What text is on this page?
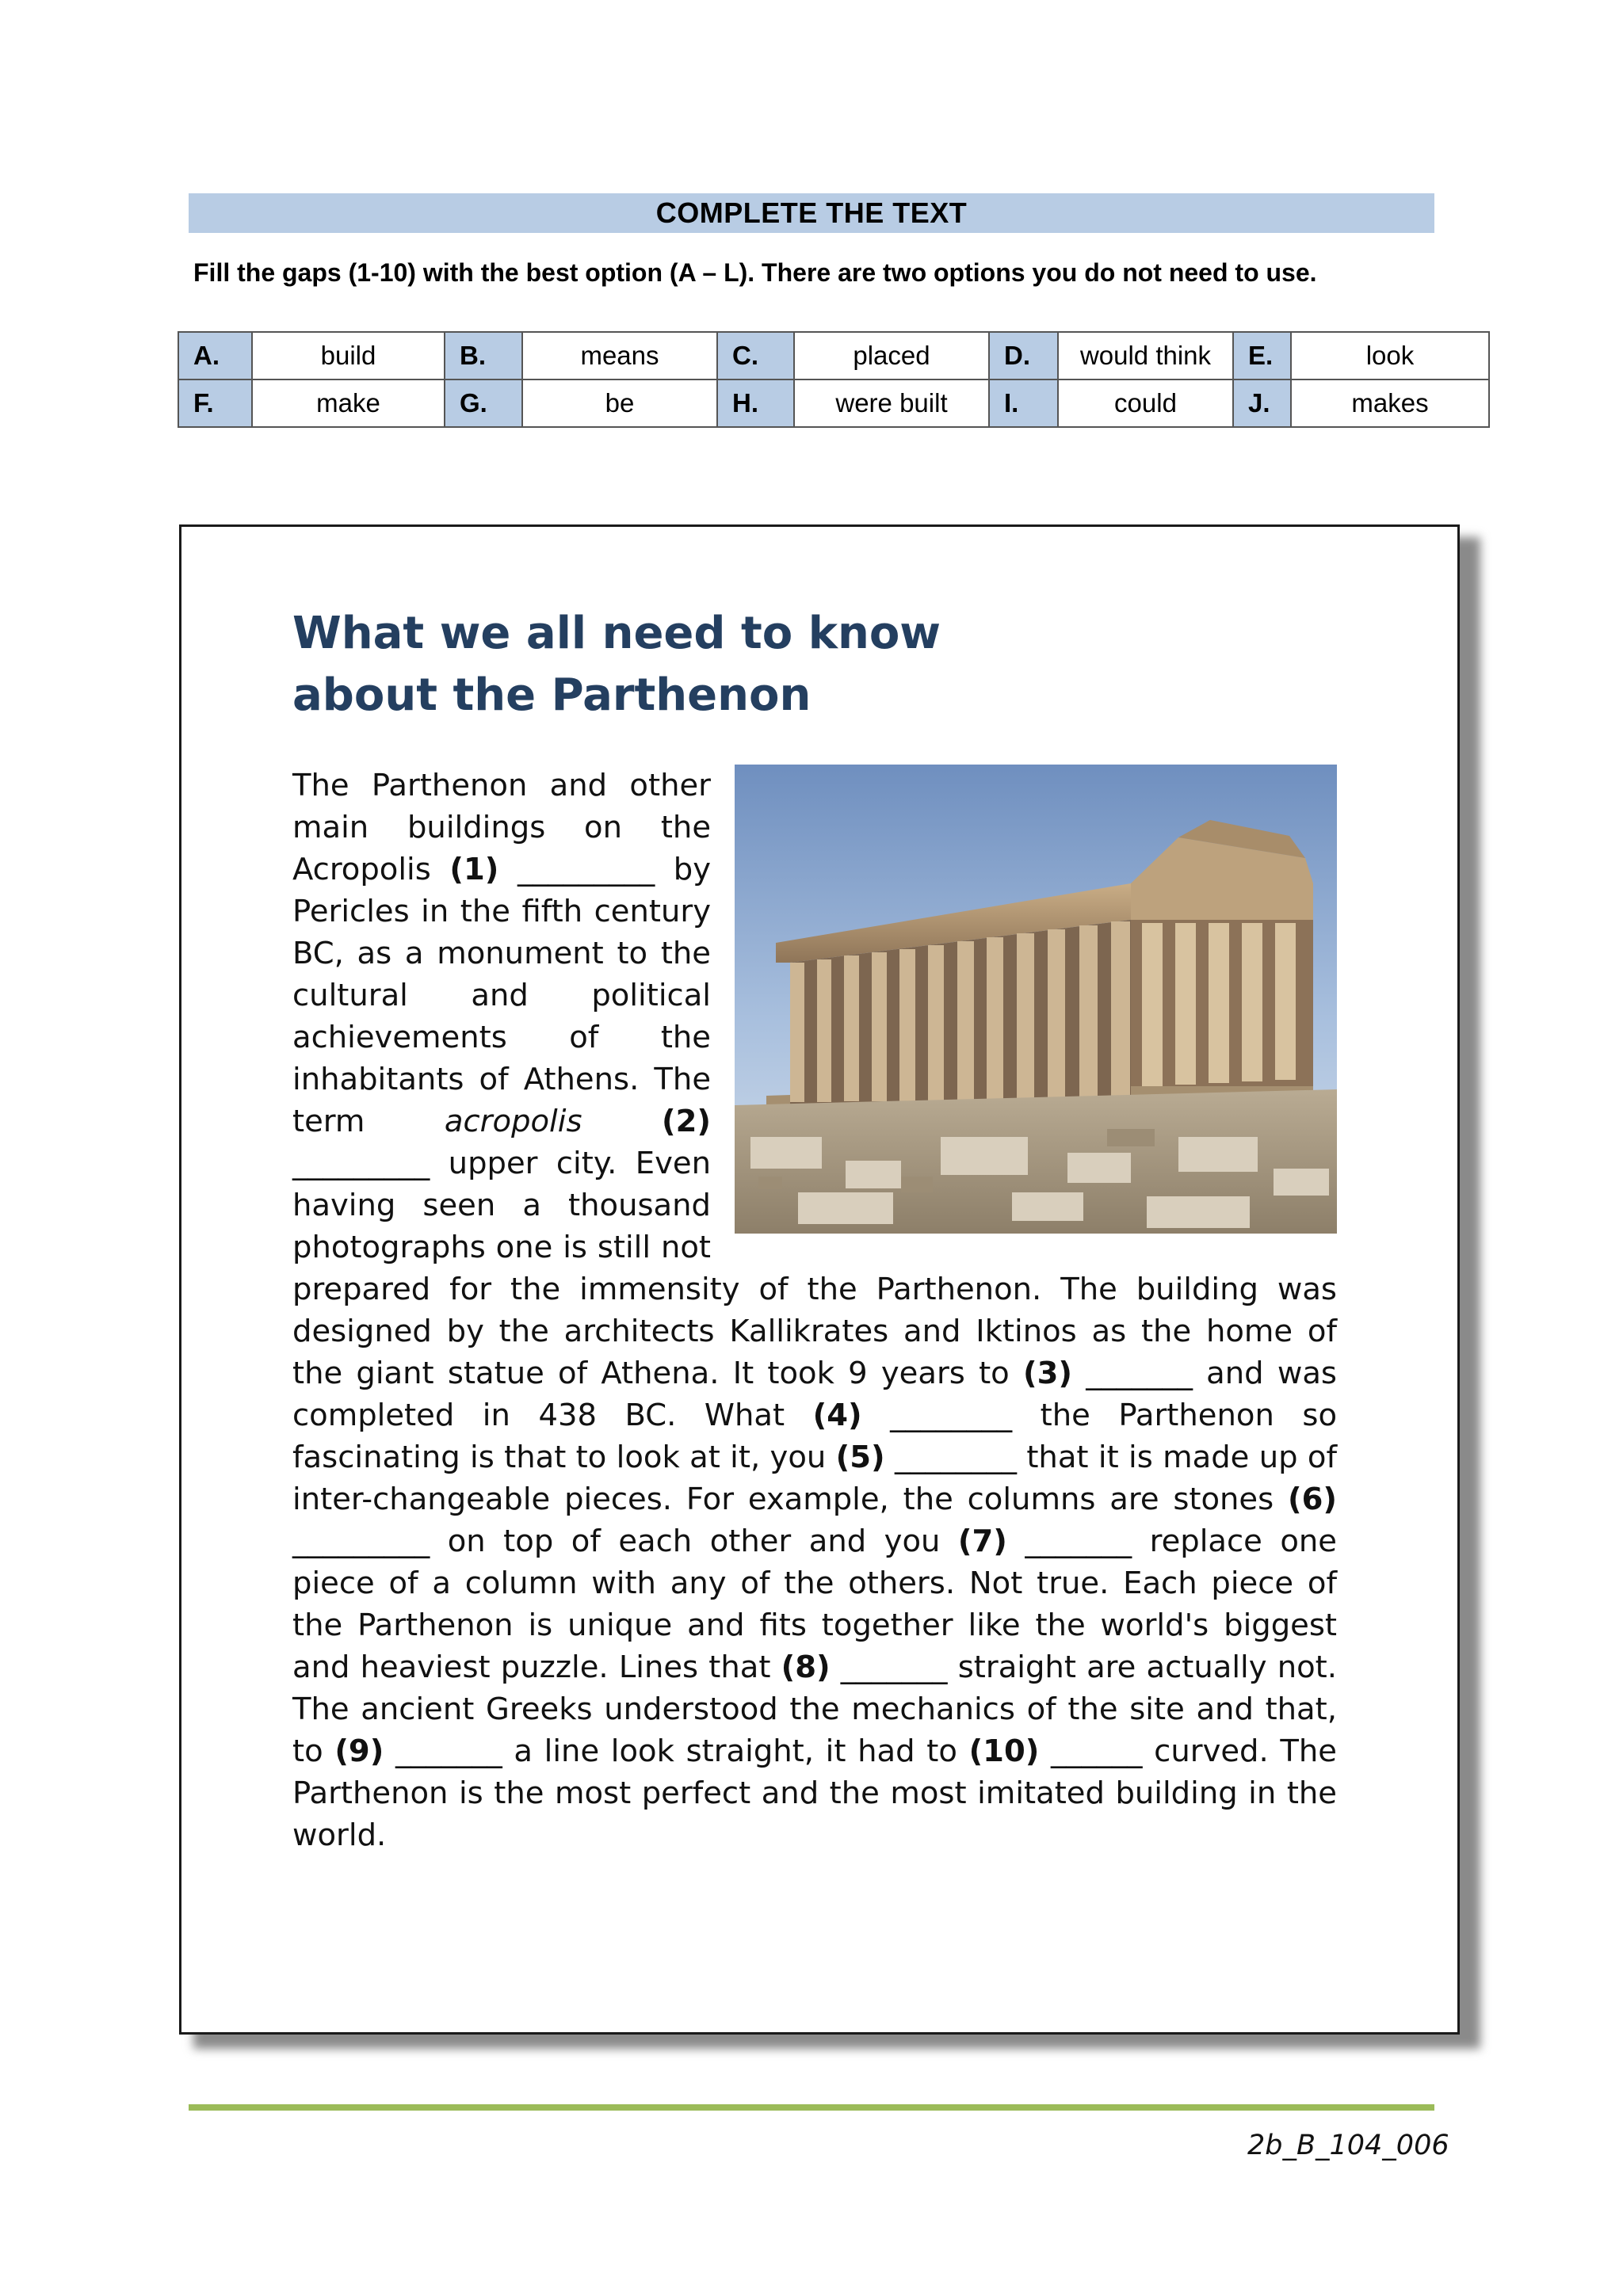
COMPLETE THE TEXT
Fill the gaps (1-10) with the best option (A – L). There are two options you do not need to use.
A.	build	B.	means	C.	placed	D.	would think	E.	look
F.	make	G.	be	H.	were built	I.	could	J.	makes
What we all need to know
about the Parthenon
The Parthenon and other main buildings on the Acropolis (1) _________ by Pericles in the fifth century BC, as a monument to the cultural and political achievements of the inhabitants of Athens. The term acropolis	(2) _________ upper city. Even having seen a thousand photographs one is still not prepared for the immensity of the Parthenon. The building was designed by the architects Kallikrates and Iktinos as the home of the giant statue of Athena. It took 9 years to (3) _______ and was completed in 438 BC. What (4) ________ the Parthenon so fascinating is that to look at it, you (5) ________ that it is made up of inter-changeable pieces. For example, the columns are stones (6) _________ on top of each other and you (7) _______ replace one piece of a column with any of the others. Not true. Each piece of the Parthenon is unique and fits together like the world's biggest and heaviest puzzle. Lines that (8) _______ straight are actually not. The ancient Greeks understood the mechanics of the site and that, to (9) _______ a line look straight, it had to (10) ______ curved. The Parthenon is the most perfect and the most imitated building in the world.
2b_B_104_006
